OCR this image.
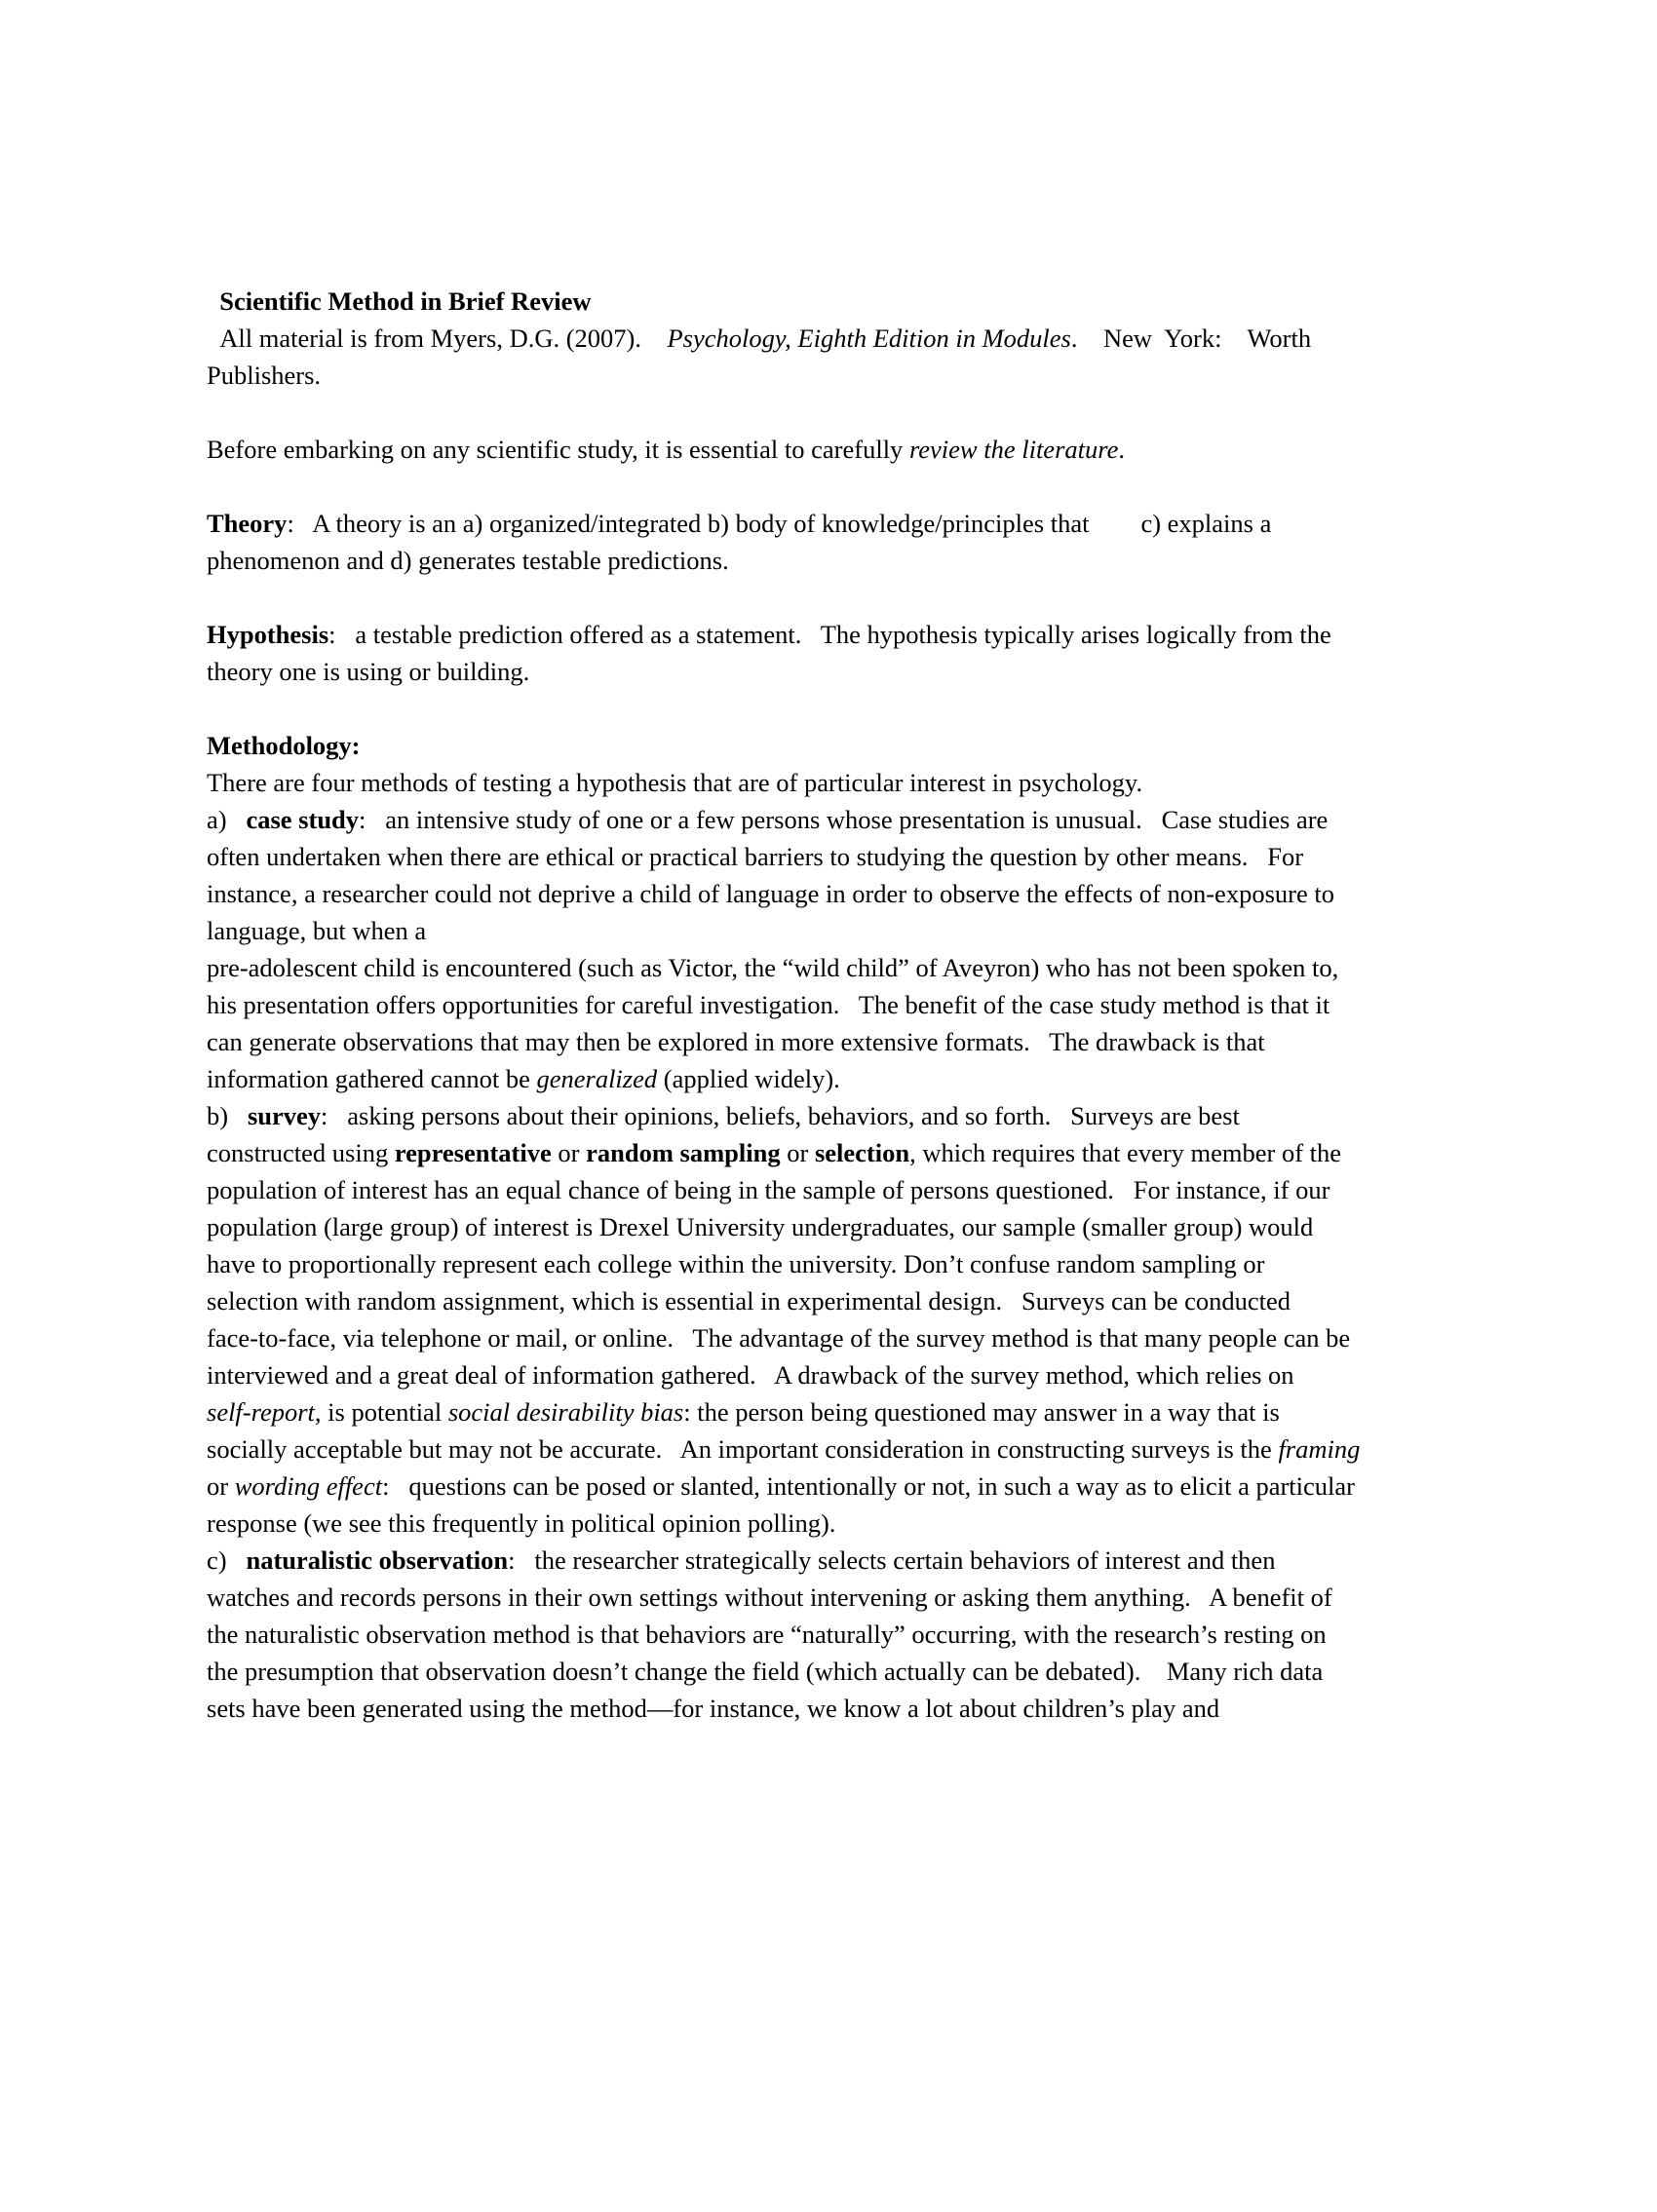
Scientific Method in Brief Review
All material is from Myers, D.G. (2007).    Psychology, Eighth Edition in Modules.    New  York:    Worth
Publishers.

Before embarking on any scientific study, it is essential to carefully review the literature.

Theory:   A theory is an a) organized/integrated b) body of knowledge/principles that        c) explains a
phenomenon and d) generates testable predictions.

Hypothesis:   a testable prediction offered as a statement.   The hypothesis typically arises logically from the
theory one is using or building.

Methodology:
There are four methods of testing a hypothesis that are of particular interest in psychology.
a)   case study:   an intensive study of one or a few persons whose presentation is unusual.   Case studies are
often undertaken when there are ethical or practical barriers to studying the question by other means.   For
instance, a researcher could not deprive a child of language in order to observe the effects of non-exposure to
language, but when a
pre-adolescent child is encountered (such as Victor, the “wild child” of Aveyron) who has not been spoken to,
his presentation offers opportunities for careful investigation.   The benefit of the case study method is that it
can generate observations that may then be explored in more extensive formats.   The drawback is that
information gathered cannot be generalized (applied widely).
b)   survey:   asking persons about their opinions, beliefs, behaviors, and so forth.   Surveys are best
constructed using representative or random sampling or selection, which requires that every member of the
population of interest has an equal chance of being in the sample of persons questioned.   For instance, if our
population (large group) of interest is Drexel University undergraduates, our sample (smaller group) would
have to proportionally represent each college within the university. Don’t confuse random sampling or
selection with random assignment, which is essential in experimental design.   Surveys can be conducted
face-to-face, via telephone or mail, or online.   The advantage of the survey method is that many people can be
interviewed and a great deal of information gathered.   A drawback of the survey method, which relies on
self-report, is potential social desirability bias: the person being questioned may answer in a way that is
socially acceptable but may not be accurate.   An important consideration in constructing surveys is the framing
or wording effect:   questions can be posed or slanted, intentionally or not, in such a way as to elicit a particular
response (we see this frequently in political opinion polling).
c)   naturalistic observation:   the researcher strategically selects certain behaviors of interest and then
watches and records persons in their own settings without intervening or asking them anything.   A benefit of
the naturalistic observation method is that behaviors are “naturally” occurring, with the research’s resting on
the presumption that observation doesn’t change the field (which actually can be debated).    Many rich data
sets have been generated using the method—for instance, we know a lot about children’s play and
